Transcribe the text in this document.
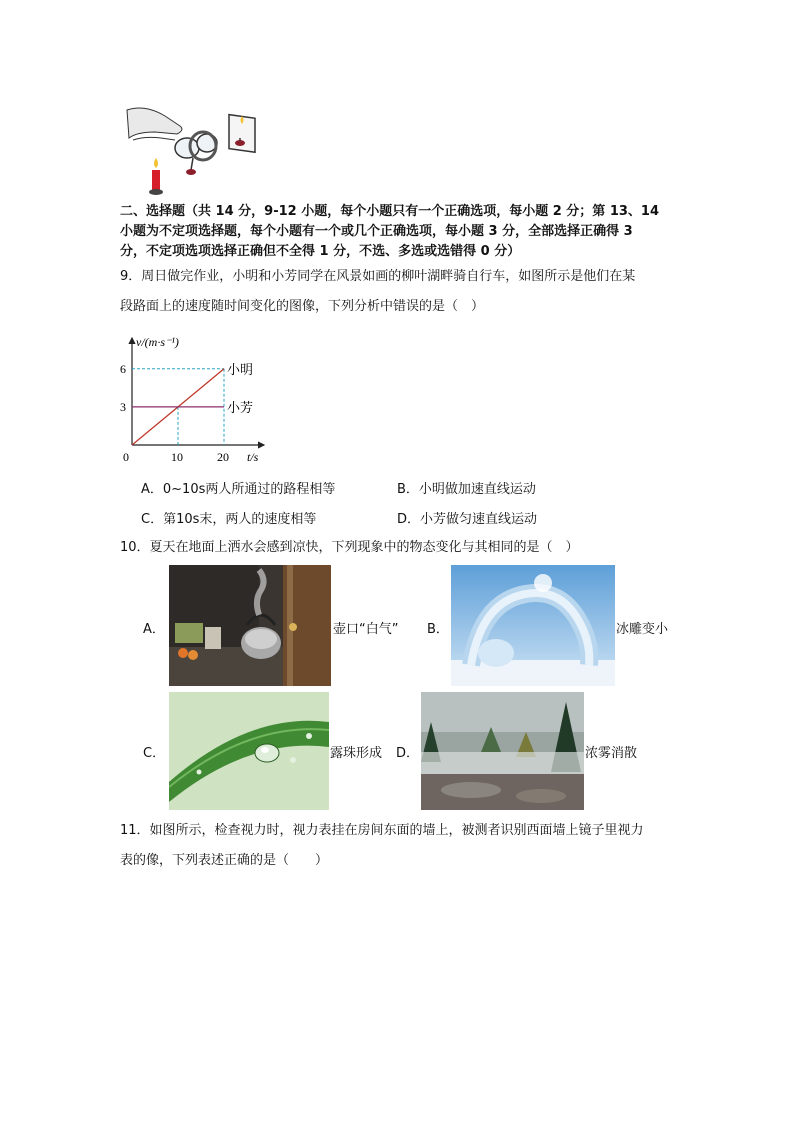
二、选择题（共 14 分，9-12 小题，每个小题只有一个正确选项，每小题 2 分；第 13、14
小题为不定项选择题，每个小题有一个或几个正确选项，每小题 3 分，全部选择正确得 3
分，不定项选项选择正确但不全得 1 分，不选、多选或选错得 0 分）
9．周日做完作业，小明和小芳同学在风景如画的柳叶湖畔骑自行车，如图所示是他们在某
段路面上的速度随时间变化的图像，下列分析中错误的是（　）
小明
小芳
v/(m·s⁻¹)
t/s
0	10	20
3
6
A．0~10s两人所通过的路程相等	B．小明做加速直线运动
C．第10s末，两人的速度相等	D．小芳做匀速直线运动
10．夏天在地面上洒水会感到凉快，下列现象中的物态变化与其相同的是（　）
A．	壶口“白气” B．	冰雕变小
C．	露珠形成 D．	浓雾消散
11．如图所示，检查视力时，视力表挂在房间东面的墙上，被测者识别西面墙上镜子里视力
表的像，下列表述正确的是（　　）
